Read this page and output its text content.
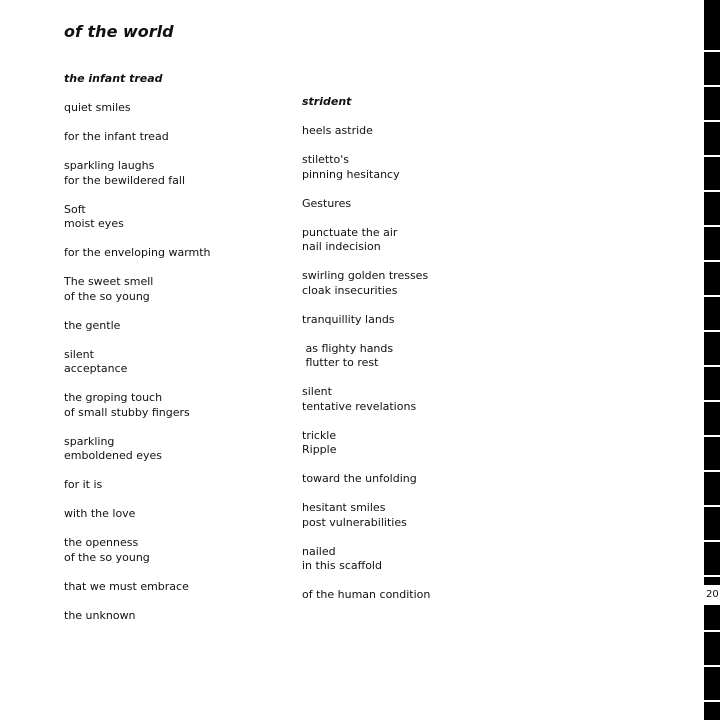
of the world
the infant tread
quiet smiles
for the infant tread
sparkling laughs
for the bewildered fall
Soft
moist eyes
for the enveloping warmth
The sweet smell
of the so young
the gentle
silent
acceptance
the groping touch
of small stubby fingers
sparkling
emboldened eyes
for it is
with the love
the openness
of the so young
that we must embrace
the unknown
strident
heels astride
stiletto's
pinning hesitancy
Gestures
punctuate the air
nail indecision
swirling golden tresses
cloak insecurities
tranquillity lands
as flighty hands
flutter to rest
silent
tentative revelations
trickle
Ripple
toward the unfolding
hesitant smiles
post vulnerabilities
nailed
in this scaffold
of the human condition	20
